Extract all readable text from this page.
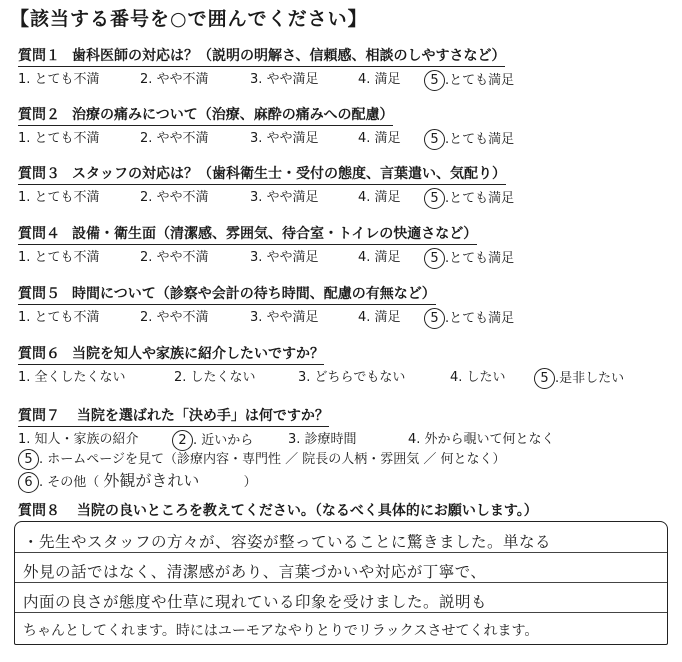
【該当する番号を○で囲んでください】
質問１ 歯科医師の対応は？（説明の明解さ、信頼感、相談のしやすさなど）
1. とても不満	2. やや不満	3. やや満足	4. 満足 5 .とても満足
質問２ 治療の痛みについて（治療、麻酔の痛みへの配慮）
1. とても不満	2. やや不満	3. やや満足	4. 満足 5 .とても満足
質問３ スタッフの対応は？（歯科衛生士・受付の態度、言葉遣い、気配り）
1. とても不満	2. やや不満	3. やや満足	4. 満足 5 .とても満足
質問４ 設備・衛生面（清潔感、雰囲気、待合室・トイレの快適さなど）
1. とても不満	2. やや不満	3. やや満足	4. 満足 5 .とても満足
質問５ 時間について（診察や会計の待ち時間、配慮の有無など）
1. とても不満	2. やや不満	3. やや満足	4. 満足 5 .とても満足
質問６ 当院を知人や家族に紹介したいですか？
1. 全くしたくない	2. したくない	3. どちらでもない	4. したい	5 .是非したい
質問７ 当院を選ばれた「決め手」は何ですか？
1. 知人・家族の紹介	2 . 近いから	3. 診療時間	4. 外から覗いて何となく
5 . ホームページを見て（診療内容・専門性 ／ 院長の人柄・雰囲気 ／ 何となく）
6 . その他（ 外観がきれい	）
質問８ 当院の良いところを教えてください。（なるべく具体的にお願いします。）
・先生やスタッフの方々が、容姿が整っていることに驚きました。単なる
外見の話ではなく、清潔感があり、言葉づかいや対応が丁寧で、
内面の良さが態度や仕草に現れている印象を受けました。説明も
ちゃんとしてくれます。時にはユーモアなやりとりでリラックスさせてくれます。
